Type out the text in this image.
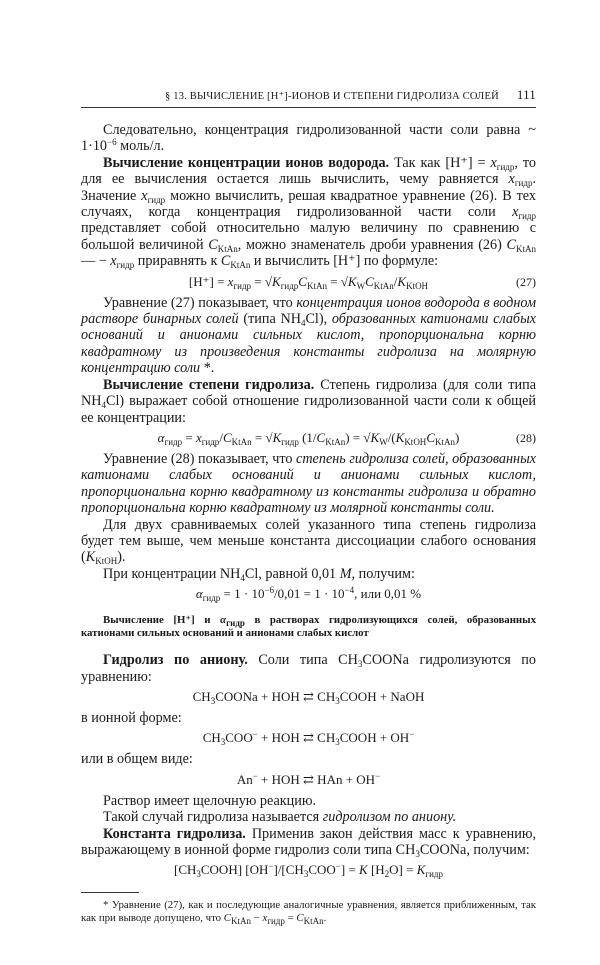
§ 13. ВЫЧИСЛЕНИЕ [H⁺]-ИОНОВ И СТЕПЕНИ ГИДРОЛИЗА СОЛЕЙ 111
Следовательно, концентрация гидролизованной части соли равна ~ $1\cdot 10^{-6}$ моль/л.
Вычисление концентрации ионов водорода. Так как $[H^+] = x_{гидр}$, то для ее вычисления остается лишь вычислить, чему равняется $x_{гидр}$. Значение $x_{гидр}$ можно вычислить, решая квадратное уравнение (26). В тех случаях, когда концентрация гидролизованной части соли $x_{гидр}$ представляет собой относительно малую величину по сравнению с большой величиной $C_{KtAn}$, можно знаменатель дроби уравнения (26) $C_{KtAn}$ — − $x_{гидр}$ приравнять к $C_{KtAn}$ и вычислить [H⁺] по формуле:
$[H^+] = x_{гидр} = √K_{гидр}C_{KtAn} = √K_WC_{KtAn}/K_{KtOH}$	(27)
Уравнение (27) показывает, что концентрация ионов водорода в водном растворе бинарных солей (типа $NH_4Cl$), образованных катионами слабых оснований и анионами сильных кислот, пропорциональна корню квадратному из произведения константы гидролиза на молярную концентрацию соли *.
Вычисление степени гидролиза. Степень гидролиза (для соли типа $NH_4Cl$) выражает собой отношение гидролизованной части соли к общей ее концентрации:
$\alpha_{гидр} = x_{гидр}/C_{KtAn} = √K_{гидр}$ $(1/C_{KtAn}) = √K_W/(K_{KtOH}C_{KtAn})$	(28)
Уравнение (28) показывает, что степень гидролиза солей, образованных катионами слабых оснований и анионами сильных кислот, пропорциональна корню квадратному из константы гидролиза и обратно пропорциональна корню квадратному из молярной константы соли.
Для двух сравниваемых солей указанного типа степень гидролиза будет тем выше, чем меньше константа диссоциации слабого основания $(K_{KtOH})$.
При концентрации $NH_4Cl$, равной 0,01 M, получим:
$\alpha_{гидр} = 1 \cdot 10^{-6}/0,01 = 1 \cdot 10^{-4}$, или 0,01 %
Вычисление [H⁺] и $\alpha_{гидр}$ в растворах гидролизующихся солей, образованных катионами сильных оснований и анионами слабых кислот
Гидролиз по аниону. Соли типа $CH_3COONa$ гидролизуются по уравнению:
$CH_3COONa$ + HOH ⇄ $CH_3COOH$ + NaOH
в ионной форме:
$CH_3COO^-$ + HOH ⇄ $CH_3COOH + OH^-$
или в общем виде:
An− + HOH ⇄ HAn + OH−
Раствор имеет щелочную реакцию.
Такой случай гидролиза называется гидролизом по аниону.
Константа гидролиза. Применив закон действия масс к уравнению, выражающему в ионной форме гидролиз соли типа $CH_3COONa$, получим:
$[CH_3COOH] [OH^-]/[CH_3COO^-] = K$ $[H_2O] = K_{гидр}$
* Уравнение (27), как и последующие аналогичные уравнения, является приближенным, так как при выводе допущено, что $C_{KtAn} - x_{гидр} = C_{KtAn}$.
